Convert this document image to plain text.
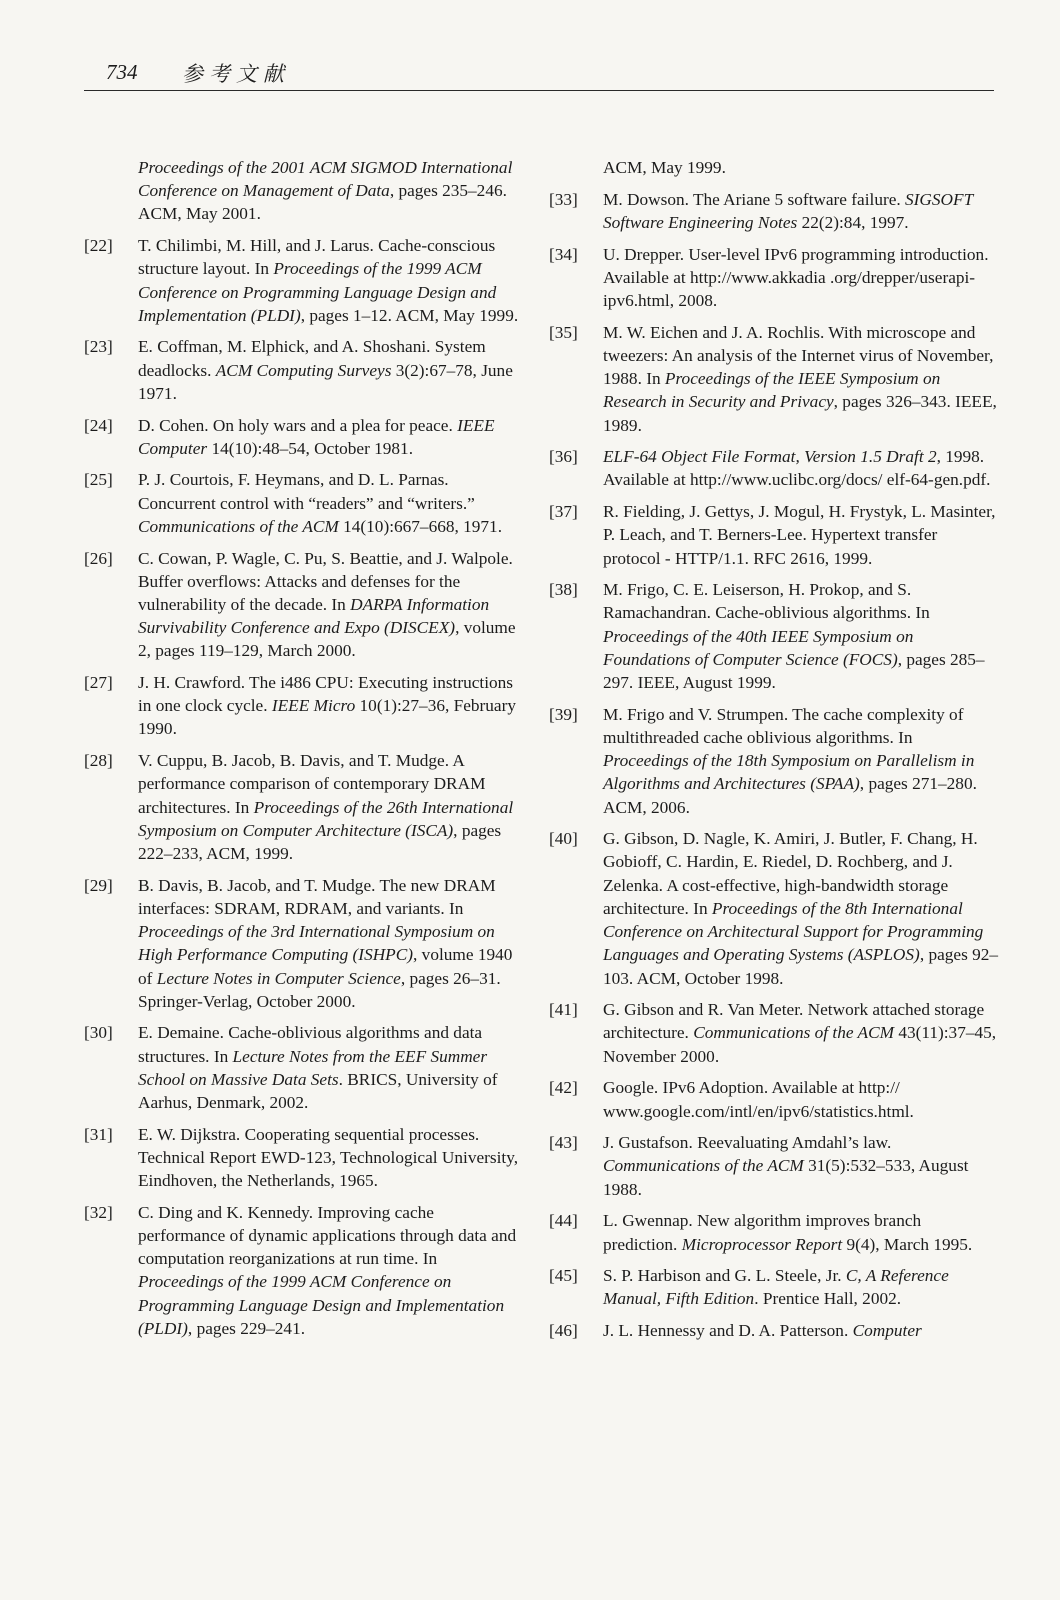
734 参考文献
Proceedings of the 2001 ACM SIGMOD International Conference on Management of Data, pages 235–246. ACM, May 2001.
[22] T. Chilimbi, M. Hill, and J. Larus. Cache-conscious structure layout. In Proceedings of the 1999 ACM Conference on Programming Language Design and Implementation (PLDI), pages 1–12. ACM, May 1999.
[23] E. Coffman, M. Elphick, and A. Shoshani. System deadlocks. ACM Computing Surveys 3(2):67–78, June 1971.
[24] D. Cohen. On holy wars and a plea for peace. IEEE Computer 14(10):48–54, October 1981.
[25] P. J. Courtois, F. Heymans, and D. L. Parnas. Concurrent control with “readers” and “writers.” Communications of the ACM 14(10):667–668, 1971.
[26] C. Cowan, P. Wagle, C. Pu, S. Beattie, and J. Walpole. Buffer overflows: Attacks and defenses for the vulnerability of the decade. In DARPA Information Survivability Conference and Expo (DISCEX), volume 2, pages 119–129, March 2000.
[27] J. H. Crawford. The i486 CPU: Executing instructions in one clock cycle. IEEE Micro 10(1):27–36, February 1990.
[28] V. Cuppu, B. Jacob, B. Davis, and T. Mudge. A performance comparison of contemporary DRAM architectures. In Proceedings of the 26th International Symposium on Computer Architecture (ISCA), pages 222–233, ACM, 1999.
[29] B. Davis, B. Jacob, and T. Mudge. The new DRAM interfaces: SDRAM, RDRAM, and variants. In Proceedings of the 3rd International Symposium on High Performance Computing (ISHPC), volume 1940 of Lecture Notes in Computer Science, pages 26–31. Springer-Verlag, October 2000.
[30] E. Demaine. Cache-oblivious algorithms and data structures. In Lecture Notes from the EEF Summer School on Massive Data Sets. BRICS, University of Aarhus, Denmark, 2002.
[31] E. W. Dijkstra. Cooperating sequential processes. Technical Report EWD-123, Technological University, Eindhoven, the Netherlands, 1965.
[32] C. Ding and K. Kennedy. Improving cache performance of dynamic applications through data and computation reorganizations at run time. In Proceedings of the 1999 ACM Conference on Programming Language Design and Implementation (PLDI), pages 229–241.
ACM, May 1999.
[33] M. Dowson. The Ariane 5 software failure. SIGSOFT Software Engineering Notes 22(2):84, 1997.
[34] U. Drepper. User-level IPv6 programming introduction. Available at http://www.akkadia .org/drepper/userapi-ipv6.html, 2008.
[35] M. W. Eichen and J. A. Rochlis. With microscope and tweezers: An analysis of the Internet virus of November, 1988. In Proceedings of the IEEE Symposium on Research in Security and Privacy, pages 326–343. IEEE, 1989.
[36] ELF-64 Object File Format, Version 1.5 Draft 2, 1998. Available at http://www.uclibc.org/docs/ elf-64-gen.pdf.
[37] R. Fielding, J. Gettys, J. Mogul, H. Frystyk, L. Masinter, P. Leach, and T. Berners-Lee. Hypertext transfer protocol - HTTP/1.1. RFC 2616, 1999.
[38] M. Frigo, C. E. Leiserson, H. Prokop, and S. Ramachandran. Cache-oblivious algorithms. In Proceedings of the 40th IEEE Symposium on Foundations of Computer Science (FOCS), pages 285–297. IEEE, August 1999.
[39] M. Frigo and V. Strumpen. The cache complexity of multithreaded cache oblivious algorithms. In Proceedings of the 18th Symposium on Parallelism in Algorithms and Architectures (SPAA), pages 271–280. ACM, 2006.
[40] G. Gibson, D. Nagle, K. Amiri, J. Butler, F. Chang, H. Gobioff, C. Hardin, E. Riedel, D. Rochberg, and J. Zelenka. A cost-effective, high-bandwidth storage architecture. In Proceedings of the 8th International Conference on Architectural Support for Programming Languages and Operating Systems (ASPLOS), pages 92–103. ACM, October 1998.
[41] G. Gibson and R. Van Meter. Network attached storage architecture. Communications of the ACM 43(11):37–45, November 2000.
[42] Google. IPv6 Adoption. Available at http:// www.google.com/intl/en/ipv6/statistics.html.
[43] J. Gustafson. Reevaluating Amdahl’s law. Communications of the ACM 31(5):532–533, August 1988.
[44] L. Gwennap. New algorithm improves branch prediction. Microprocessor Report 9(4), March 1995.
[45] S. P. Harbison and G. L. Steele, Jr. C, A Reference Manual, Fifth Edition. Prentice Hall, 2002.
[46] J. L. Hennessy and D. A. Patterson. Computer
